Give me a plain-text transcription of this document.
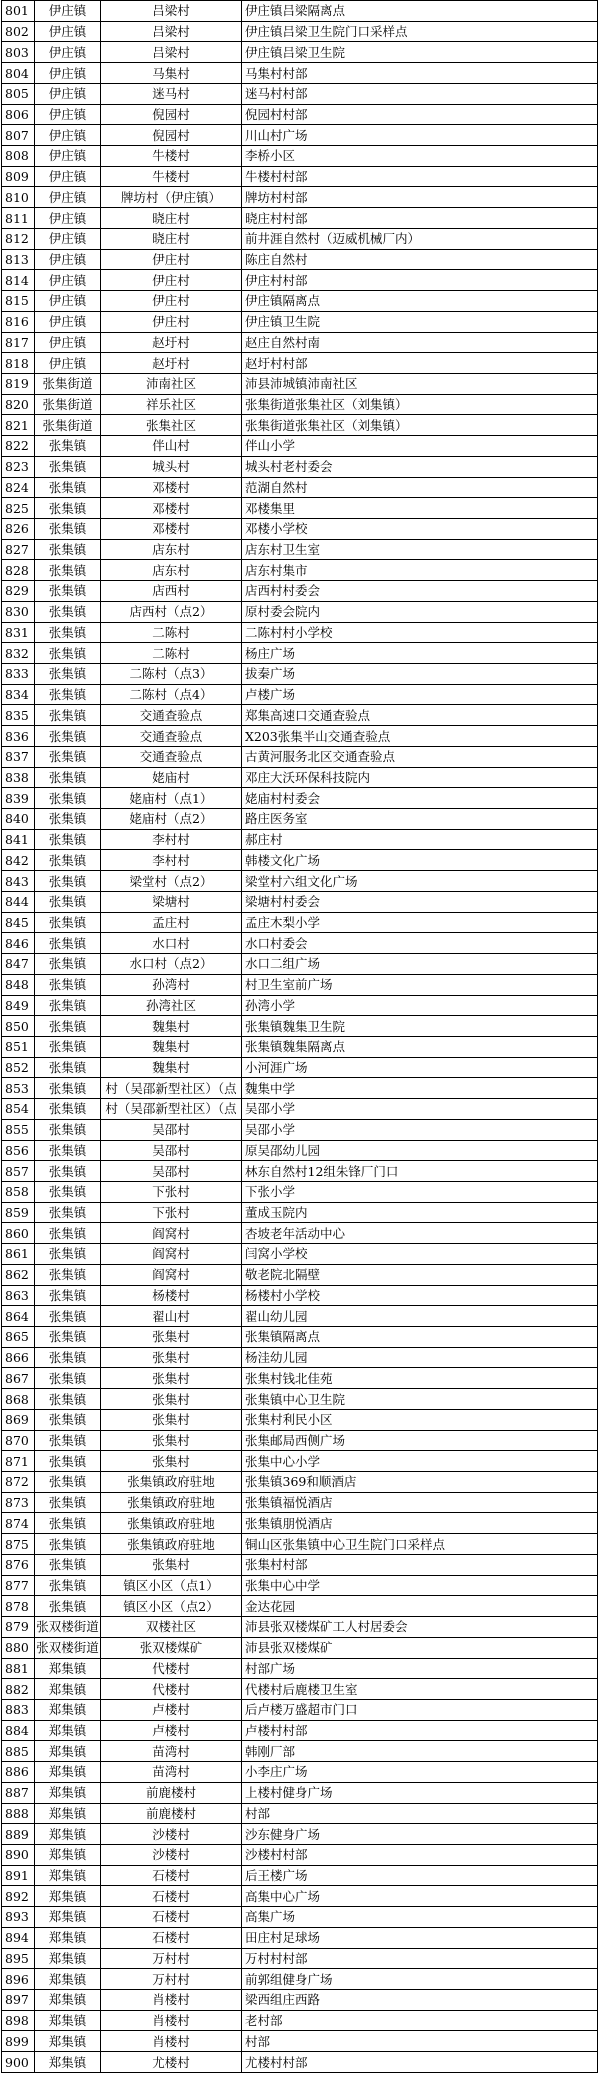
801	伊庄镇	吕梁村	伊庄镇吕梁隔离点
802	伊庄镇	吕梁村	伊庄镇吕梁卫生院门口采样点
803	伊庄镇	吕梁村	伊庄镇吕梁卫生院
804	伊庄镇	马集村	马集村村部
805	伊庄镇	迷马村	迷马村村部
806	伊庄镇	倪园村	倪园村村部
807	伊庄镇	倪园村	川山村广场
808	伊庄镇	牛楼村	李桥小区
809	伊庄镇	牛楼村	牛楼村村部
810	伊庄镇	牌坊村（伊庄镇）	牌坊村村部
811	伊庄镇	晓庄村	晓庄村村部
812	伊庄镇	晓庄村	前井涯自然村（迈威机械厂内）
813	伊庄镇	伊庄村	陈庄自然村
814	伊庄镇	伊庄村	伊庄村村部
815	伊庄镇	伊庄村	伊庄镇隔离点
816	伊庄镇	伊庄村	伊庄镇卫生院
817	伊庄镇	赵圩村	赵庄自然村南
818	伊庄镇	赵圩村	赵圩村村部
819	张集街道	沛南社区	沛县沛城镇沛南社区
820	张集街道	祥乐社区	张集街道张集社区（刘集镇）
821	张集街道	张集社区	张集街道张集社区（刘集镇）
822	张集镇	伴山村	伴山小学
823	张集镇	城头村	城头村老村委会
824	张集镇	邓楼村	范湖自然村
825	张集镇	邓楼村	邓楼集里
826	张集镇	邓楼村	邓楼小学校
827	张集镇	店东村	店东村卫生室
828	张集镇	店东村	店东村集市
829	张集镇	店西村	店西村村委会
830	张集镇	店西村（点2）	原村委会院内
831	张集镇	二陈村	二陈村村小学校
832	张集镇	二陈村	杨庄广场
833	张集镇	二陈村（点3）	拔秦广场
834	张集镇	二陈村（点4）	卢楼广场
835	张集镇	交通查验点	郑集高速口交通查验点
836	张集镇	交通查验点	X203张集半山交通查验点
837	张集镇	交通查验点	古黄河服务北区交通查验点
838	张集镇	姥庙村	邓庄大沃环保科技院内
839	张集镇	姥庙村（点1）	姥庙村村委会
840	张集镇	姥庙村（点2）	路庄医务室
841	张集镇	李村村	郝庄村
842	张集镇	李村村	韩楼文化广场
843	张集镇	梁堂村（点2）	梁堂村六组文化广场
844	张集镇	梁塘村	梁塘村村委会
845	张集镇	孟庄村	孟庄木梨小学
846	张集镇	水口村	水口村委会
847	张集镇	水口村（点2）	水口二组广场
848	张集镇	孙湾村	村卫生室前广场
849	张集镇	孙湾社区	孙湾小学
850	张集镇	魏集村	张集镇魏集卫生院
851	张集镇	魏集村	张集镇魏集隔离点
852	张集镇	魏集村	小河涯广场
853	张集镇	村（吴邵新型社区）（点	魏集中学
854	张集镇	村（吴邵新型社区）（点	吴邵小学
855	张集镇	吴邵村	吴邵小学
856	张集镇	吴邵村	原吴邵幼儿园
857	张集镇	吴邵村	林东自然村12组朱锋厂门口
858	张集镇	下张村	下张小学
859	张集镇	下张村	董成玉院内
860	张集镇	阎窝村	杏坡老年活动中心
861	张集镇	阎窝村	闫窝小学校
862	张集镇	阎窝村	敬老院北隔壁
863	张集镇	杨楼村	杨楼村小学校
864	张集镇	翟山村	翟山幼儿园
865	张集镇	张集村	张集镇隔离点
866	张集镇	张集村	杨洼幼儿园
867	张集镇	张集村	张集村钱北佳苑
868	张集镇	张集村	张集镇中心卫生院
869	张集镇	张集村	张集村利民小区
870	张集镇	张集村	张集邮局西侧广场
871	张集镇	张集村	张集中心小学
872	张集镇	张集镇政府驻地	张集镇369和顺酒店
873	张集镇	张集镇政府驻地	张集镇福悦酒店
874	张集镇	张集镇政府驻地	张集镇朋悦酒店
875	张集镇	张集镇政府驻地	铜山区张集镇中心卫生院门口采样点
876	张集镇	张集村	张集村村部
877	张集镇	镇区小区（点1）	张集中心中学
878	张集镇	镇区小区（点2）	金达花园
879	张双楼街道	双楼社区	沛县张双楼煤矿工人村居委会
880	张双楼街道	张双楼煤矿	沛县张双楼煤矿
881	郑集镇	代楼村	村部广场
882	郑集镇	代楼村	代楼村后鹿楼卫生室
883	郑集镇	卢楼村	后卢楼万盛超市门口
884	郑集镇	卢楼村	卢楼村村部
885	郑集镇	苗湾村	韩刚厂部
886	郑集镇	苗湾村	小李庄广场
887	郑集镇	前鹿楼村	上楼村健身广场
888	郑集镇	前鹿楼村	村部
889	郑集镇	沙楼村	沙东健身广场
890	郑集镇	沙楼村	沙楼村村部
891	郑集镇	石楼村	后王楼广场
892	郑集镇	石楼村	高集中心广场
893	郑集镇	石楼村	高集广场
894	郑集镇	石楼村	田庄村足球场
895	郑集镇	万村村	万村村村部
896	郑集镇	万村村	前郭组健身广场
897	郑集镇	肖楼村	梁西组庄西路
898	郑集镇	肖楼村	老村部
899	郑集镇	肖楼村	村部
900	郑集镇	尤楼村	尤楼村村部
